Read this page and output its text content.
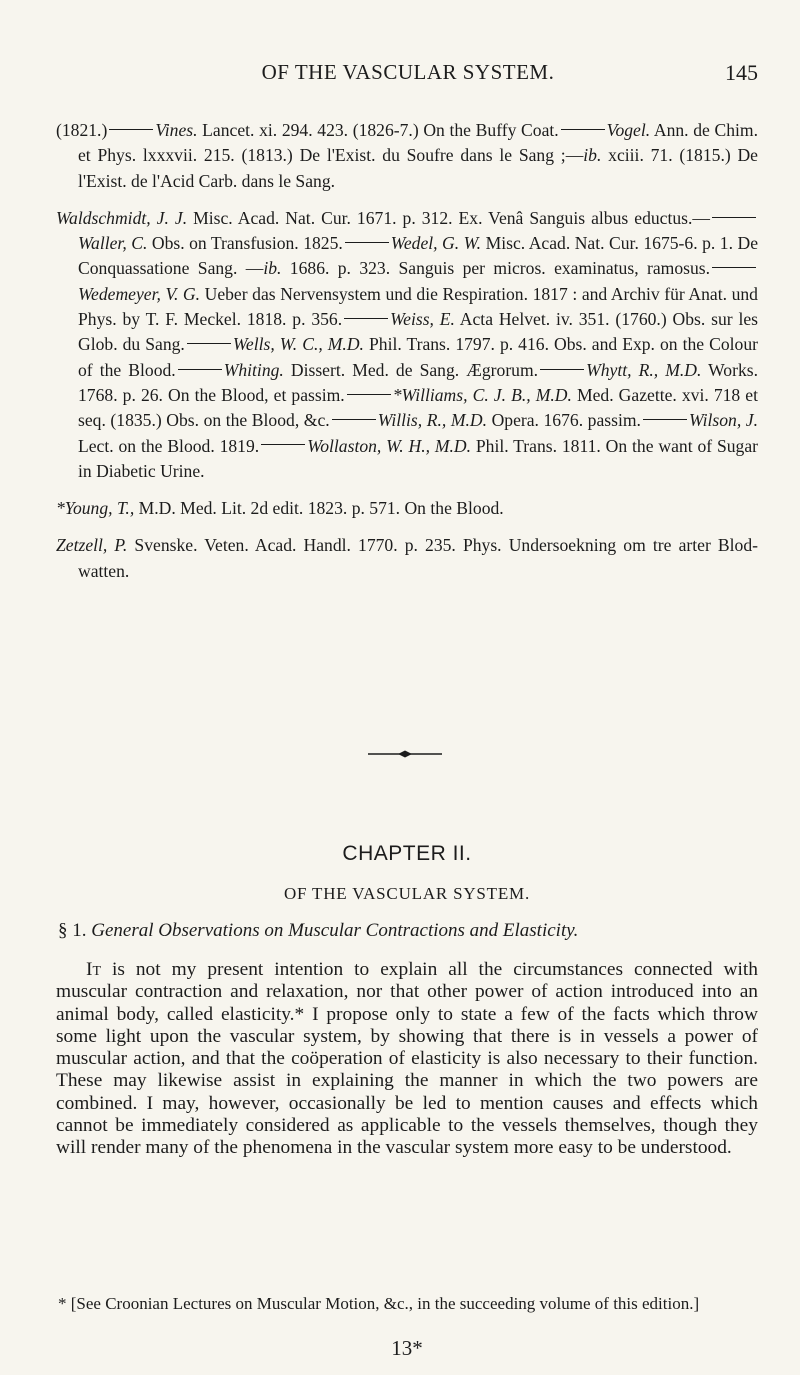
OF THE VASCULAR SYSTEM.	145
(1821.)	Vines. Lancet. xi. 294. 423. (1826-7.) On the Buffy Coat.	Vogel. Ann. de Chim. et Phys. lxxxvii. 215. (1813.) De l'Exist. du Soufre dans le Sang ;—ib. xciii. 71. (1815.) De l'Exist. de l'Acid Carb. dans le Sang.
Waldschmidt, J. J. Misc. Acad. Nat. Cur. 1671. p. 312. Ex. Venâ Sanguis albus eductus.—Waller, C. Obs. on Transfusion. 1825.	Wedel, G. W. Misc. Acad. Nat. Cur. 1675-6. p. 1. De Conquassatione Sang. —ib. 1686. p. 323. Sanguis per micros. examinatus, ramosus.Wedemeyer, V. G. Ueber das Nervensystem und die Respiration. 1817 : and Archiv für Anat. und Phys. by T. F. Meckel. 1818. p. 356.	Weiss, E. Acta Helvet. iv. 351. (1760.) Obs. sur les Glob. du Sang.	Wells, W. C., M.D. Phil. Trans. 1797. p. 416. Obs. and Exp. on the Colour of the Blood.	Whiting. Dissert. Med. de Sang. Ægrorum.	Whytt, R., M.D. Works. 1768. p. 26. On the Blood, et passim.	*Williams, C. J. B., M.D. Med. Gazette. xvi. 718 et seq. (1835.) Obs. on the Blood, &c.	Willis, R., M.D. Opera. 1676. passim.	Wilson, J. Lect. on the Blood. 1819.	Wollaston, W. H., M.D. Phil. Trans. 1811. On the want of Sugar in Diabetic Urine.
*Young, T., M.D. Med. Lit. 2d edit. 1823. p. 571. On the Blood.
Zetzell, P. Svenske. Veten. Acad. Handl. 1770. p. 235. Phys. Undersoekning om tre arter Blod-watten.
CHAPTER II.
OF THE VASCULAR SYSTEM.
§ 1. General Observations on Muscular Contractions and Elasticity.
It is not my present intention to explain all the circumstances connected with muscular contraction and relaxation, nor that other power of action introduced into an animal body, called elasticity.* I propose only to state a few of the facts which throw some light upon the vascular system, by showing that there is in vessels a power of muscular action, and that the coöperation of elasticity is also necessary to their function. These may likewise assist in explaining the manner in which the two powers are combined. I may, however, occasionally be led to mention causes and effects which cannot be immediately considered as applicable to the vessels themselves, though they will render many of the phenomena in the vascular system more easy to be understood.
* [See Croonian Lectures on Muscular Motion, &c., in the succeeding volume of this edition.]
13*
